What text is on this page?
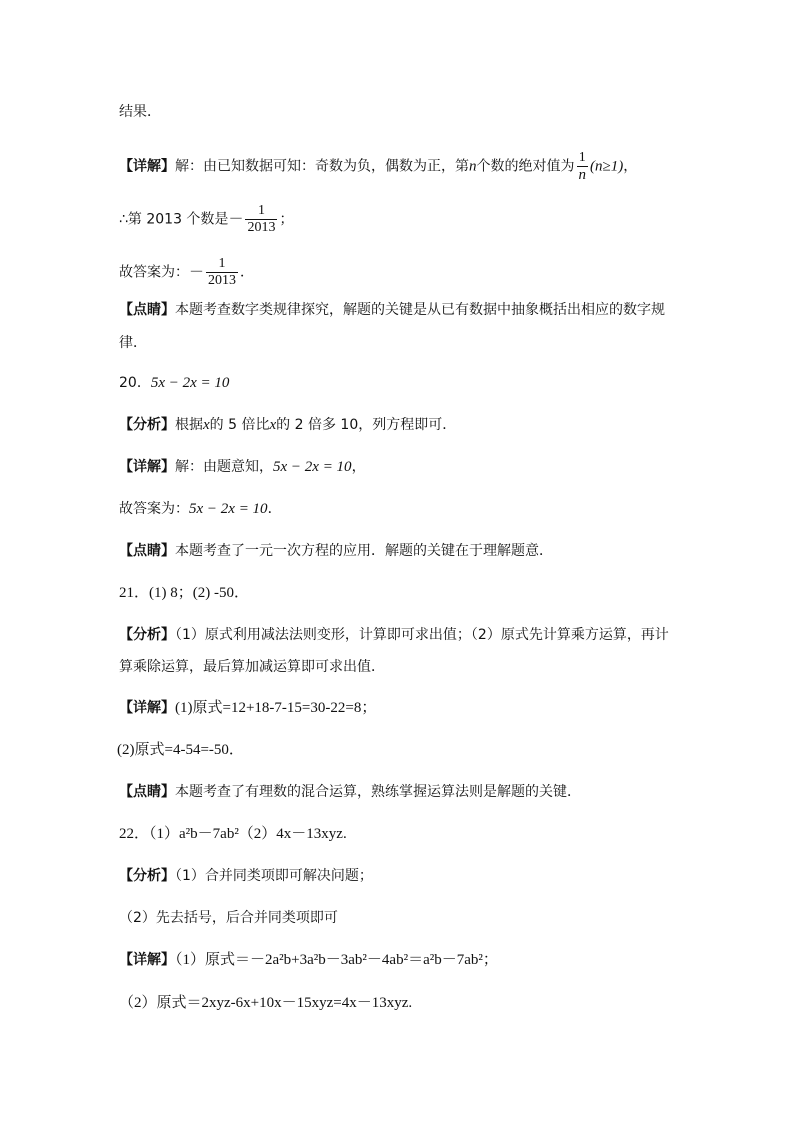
结果．
【详解】解：由已知数据可知：奇数为负，偶数为正，第n个数的绝对值为 $\frac{1}{n} (n\ge 1)$，
∴第 2013 个数是－ $\frac{1}{2013}$ ；
故答案为：－ $\frac{1}{2013}$ ．
【点睛】本题考查数字类规律探究，解题的关键是从已有数据中抽象概括出相应的数字规
律．
20．5x − 2x = 10
【分析】根据x的 5 倍比x的 2 倍多 10，列方程即可．
【详解】解：由题意知，5x − 2x = 10，
故答案为：5x − 2x = 10．
【点睛】本题考查了一元一次方程的应用．解题的关键在于理解题意．
21．(1) 8；(2) -50．
【分析】（1）原式利用减法法则变形，计算即可求出值；（2）原式先计算乘方运算，再计
算乘除运算，最后算加减运算即可求出值．
【详解】(1)原式=12+18-7-15=30-22=8；
(2)原式=4-54=-50．
【点睛】本题考查了有理数的混合运算，熟练掌握运算法则是解题的关键．
22．（1）a²b－7ab²（2）4x－13xyz.
【分析】（1）合并同类项即可解决问题；
（2）先去括号，后合并同类项即可
【详解】（1）原式＝－2a²b+3a²b－3ab²－4ab²＝a²b－7ab²；
（2）原式＝2xyz-6x+10x－15xyz=4x－13xyz.
